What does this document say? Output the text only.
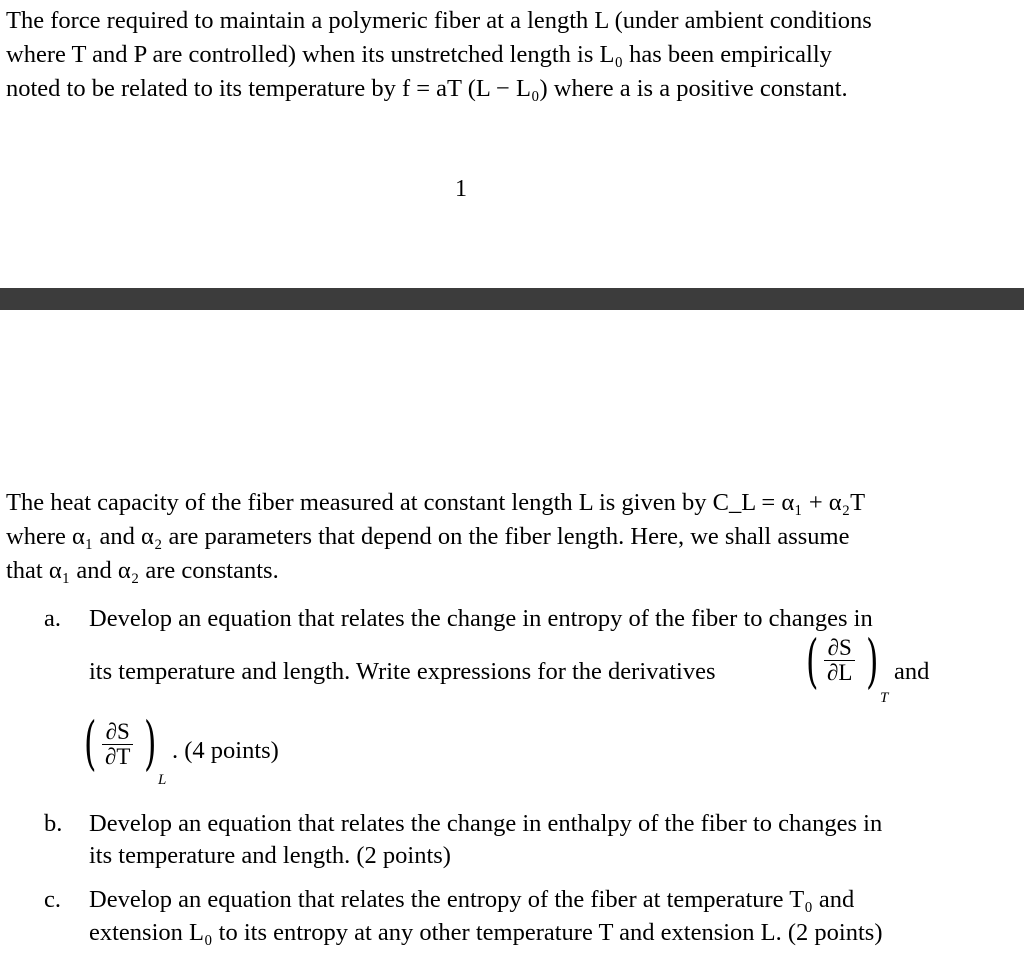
The force required to maintain a polymeric fiber at a length L (under ambient conditions
where T and P are controlled) when its unstretched length is L₀ has been empirically
noted to be related to its temperature by f = aT (L − L₀) where a is a positive constant.
1
The heat capacity of the fiber measured at constant length L is given by C_L = α₁ + α₂T
where α₁ and α₂ are parameters that depend on the fiber length. Here, we shall assume
that α₁ and α₂ are constants.
a. Develop an equation that relates the change in entropy of the fiber to changes in
its temperature and length. Write expressions for the derivatives ( $\frac{\partial S}{\partial L}$ )
T
and
( $\frac{\partial S}{\partial T}$ )
L
. (4 points)
b. Develop an equation that relates the change in enthalpy of the fiber to changes in
its temperature and length. (2 points)
c. Develop an equation that relates the entropy of the fiber at temperature T₀ and
extension L₀ to its entropy at any other temperature T and extension L. (2 points)
